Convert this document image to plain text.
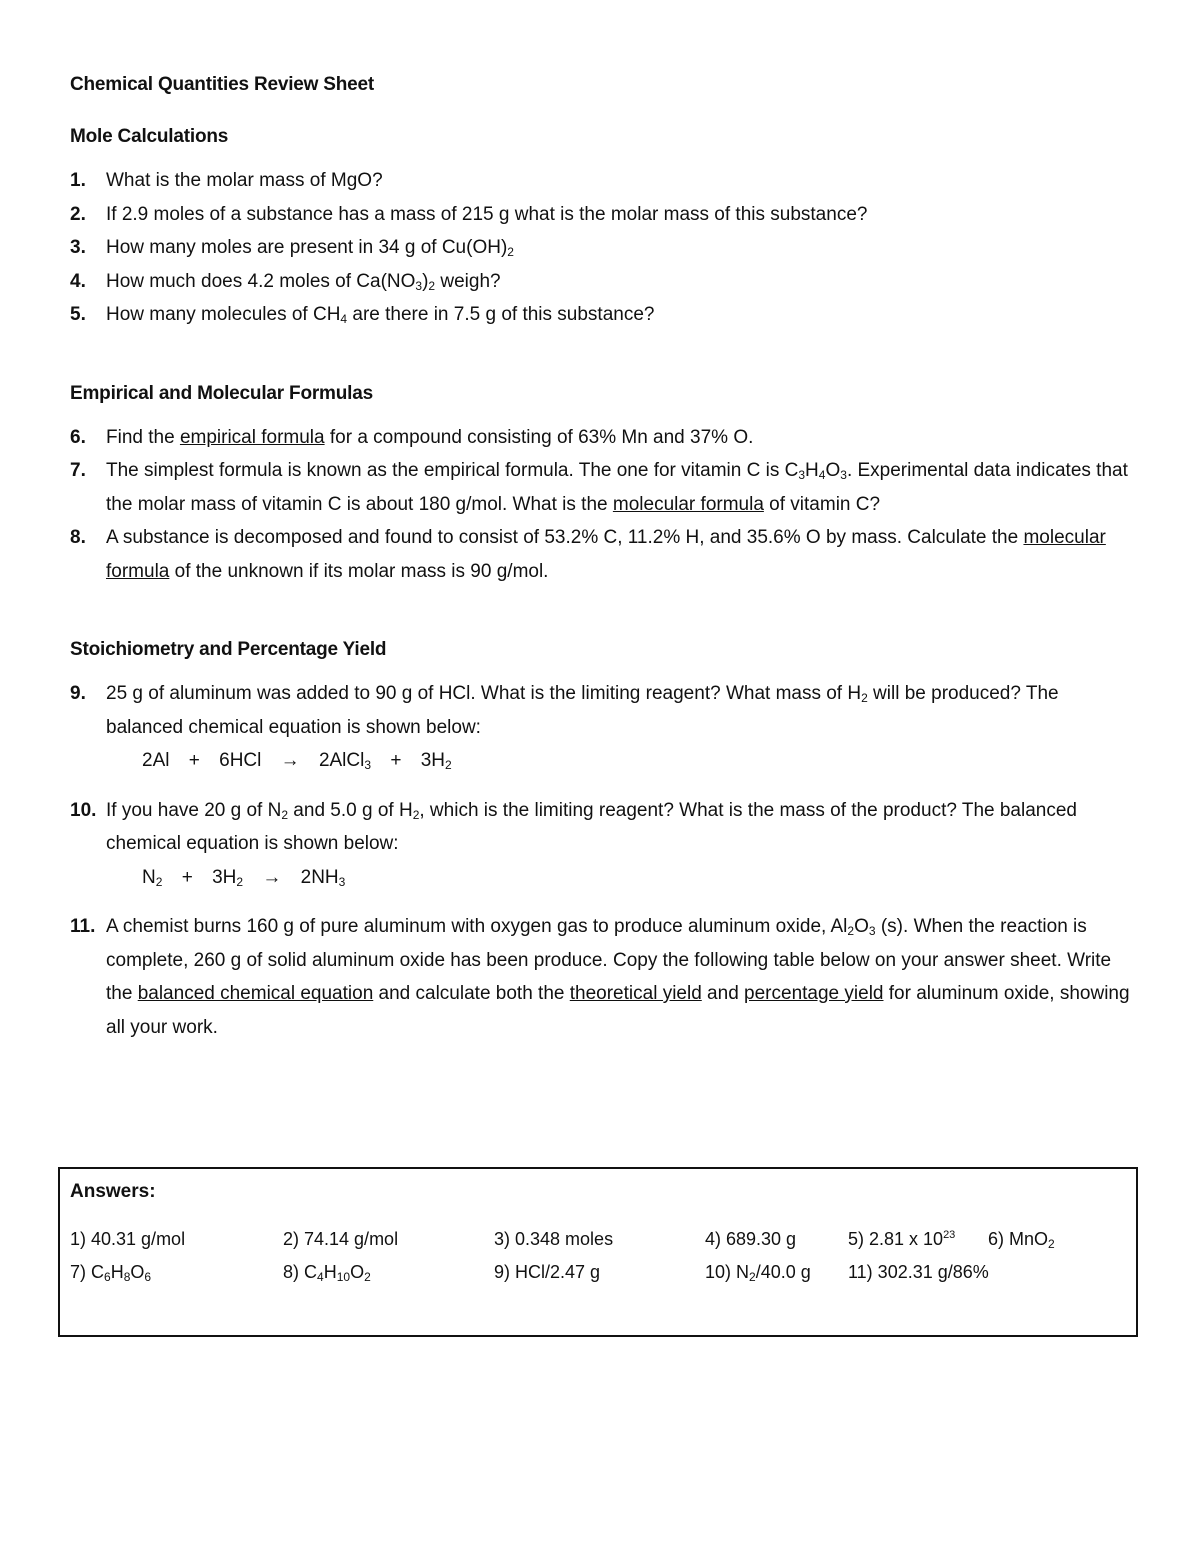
Chemical Quantities Review Sheet
Mole Calculations
1. What is the molar mass of MgO?
2. If 2.9 moles of a substance has a mass of 215 g what is the molar mass of this substance?
3. How many moles are present in 34 g of $Cu(OH)_2$
4. How much does 4.2 moles of $Ca(NO_3)_2$ weigh?
5. How many molecules of $CH_4$ are there in 7.5 g of this substance?
Empirical and Molecular Formulas
6. Find the empirical formula for a compound consisting of 63% Mn and 37% O.
7. The simplest formula is known as the empirical formula. The one for vitamin C is $C_3H_4O_3$. Experimental data indicates that the molar mass of vitamin C is about 180 g/mol. What is the molecular formula of vitamin C?
8. A substance is decomposed and found to consist of 53.2% C, 11.2% H, and 35.6% O by mass. Calculate the molecular formula of the unknown if its molar mass is 90 g/mol.
Stoichiometry and Percentage Yield
9. 25 g of aluminum was added to 90 g of HCl. What is the limiting reagent? What mass of $H_2$ will be produced? The balanced chemical equation is shown below:
2Al + 6HCl → 2AlCl$_3$ + $3H_2$
10. If you have 20 g of $N_2$ and 5.0 g of $H_2$, which is the limiting reagent? What is the mass of the product? The balanced chemical equation is shown below:
$N_2 + 3H_2 \to 2NH_3$
11. A chemist burns 160 g of pure aluminum with oxygen gas to produce aluminum oxide, $Al_2O_3$ (s). When the reaction is complete, 260 g of solid aluminum oxide has been produce. Copy the following table below on your answer sheet. Write the balanced chemical equation and calculate both the theoretical yield and percentage yield for aluminum oxide, showing all your work.
Answers:
1) 40.31 g/mol	2) 74.14 g/mol	3) 0.348 moles	4) 689.30 g	5) 2.81 x $10^{23}$ 6) MnO$_2$
7) $C_6H_8O_6$	8) $C_4H_{10}O_2$	9) HCl/2.47 g	10) $N_2/40.0$ g 11) 302.31 g/86%
